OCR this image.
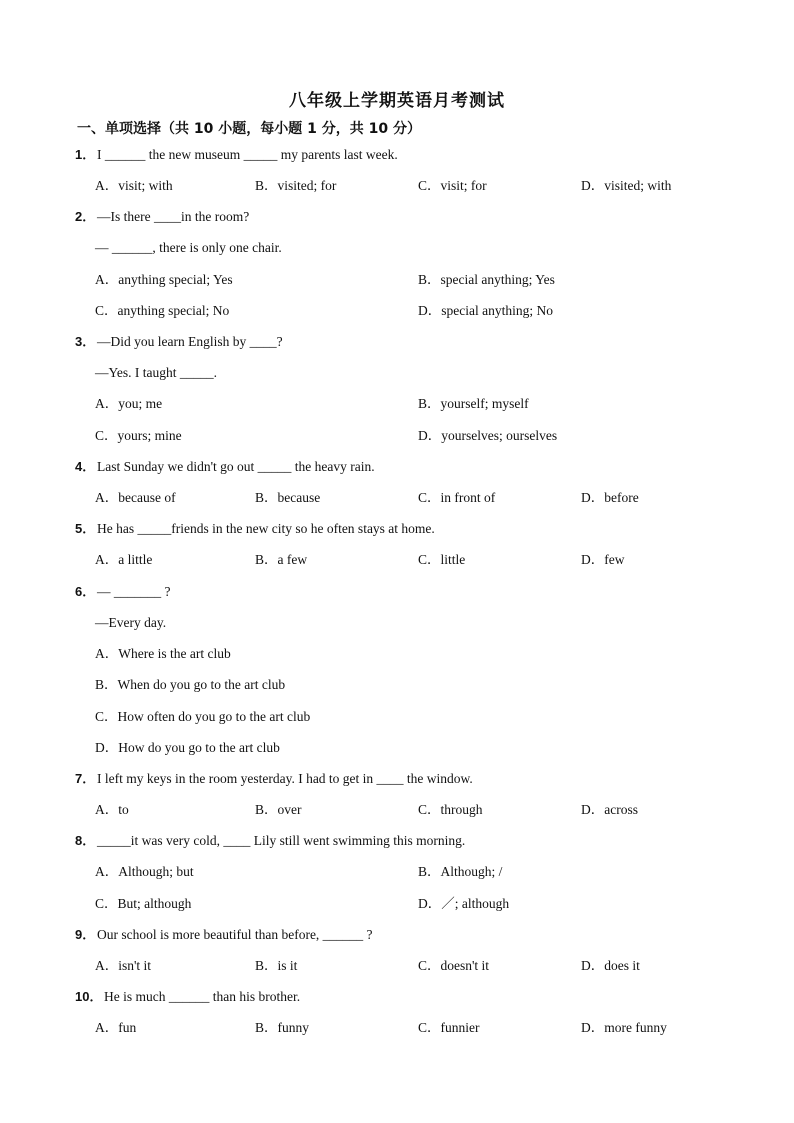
八年级上学期英语月考测试
一、单项选择（共 10 小题，每小题 1 分，共 10 分）
1． I ______ the new museum _____ my parents last week.
A．visit; with	B．visited; for	C．visit; for	D．visited; with
2． —Is there ____in the room?
— ______, there is only one chair.
A．anything special; Yes	B．special anything; Yes
C．anything special; No	D．special anything; No
3． —Did you learn English by ____?
—Yes. I taught _____.
A．you; me	B．yourself; myself
C．yours; mine	D．yourselves; ourselves
4． Last Sunday we didn't go out _____ the heavy rain.
A．because of	B．because	C．in front of	D．before
5． He has _____friends in the new city so he often stays at home.
A．a little	B．a few	C．little	D．few
6． — _______ ?
—Every day.
A．Where is the art club
B．When do you go to the art club
C．How often do you go to the art club
D．How do you go to the art club
7． I left my keys in the room yesterday. I had to get in ____ the window.
A．to	B．over	C．through	D．across
8． _____it was very cold, ____ Lily still went swimming this morning.
A．Although; but	B．Although; /
C．But; although	D．／; although
9． Our school is more beautiful than before, ______ ?
A．isn't it	B．is it	C．doesn't it	D．does it
10． He is much ______ than his brother.
A．fun	B．funny	C．funnier	D．more funny
